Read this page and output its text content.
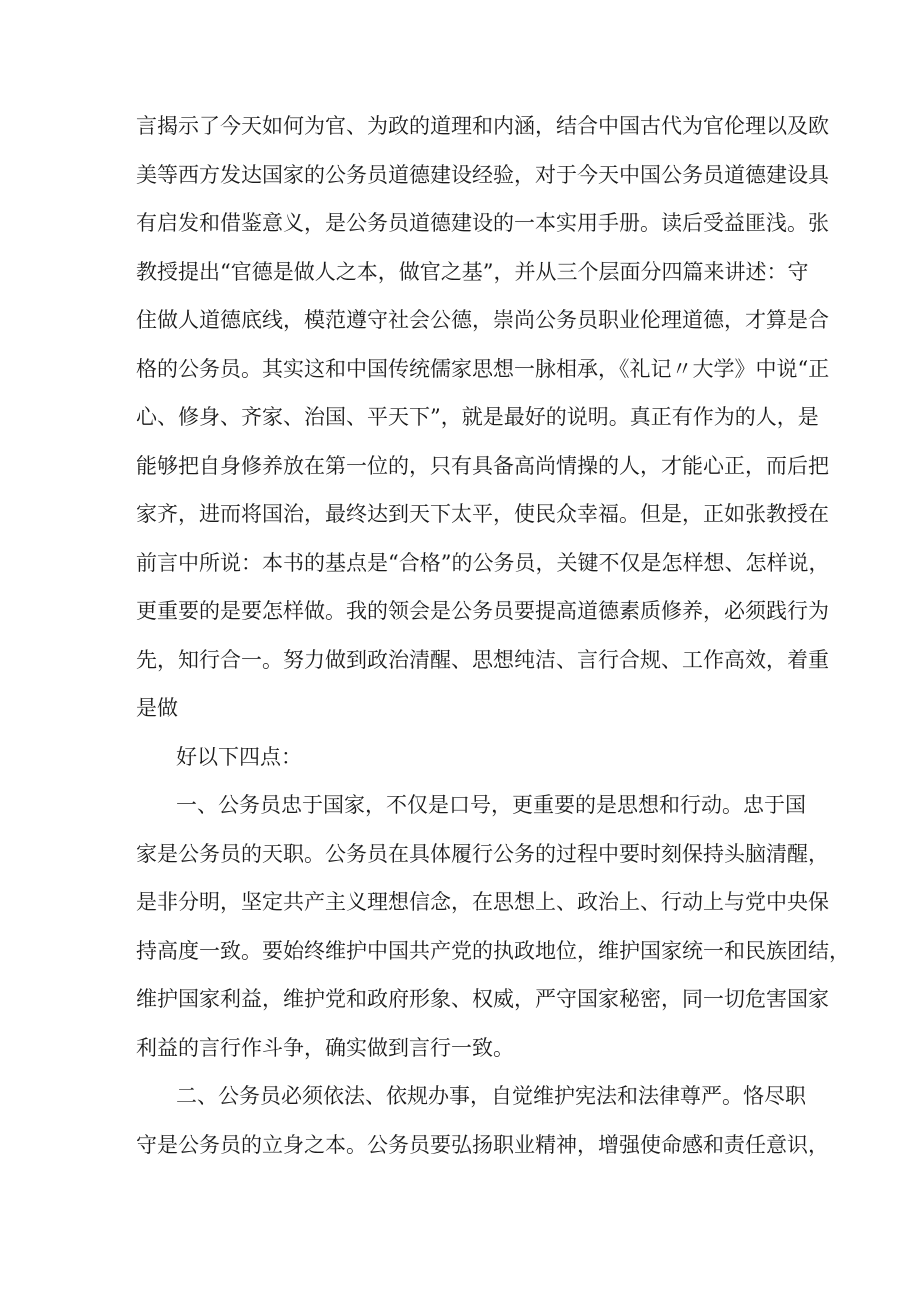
言揭示了今天如何为官、为政的道理和内涵，结合中国古代为官伦理以及欧
美等西方发达国家的公务员道德建设经验，对于今天中国公务员道德建设具
有启发和借鉴意义，是公务员道德建设的一本实用手册。读后受益匪浅。张
教授提出“官德是做人之本，做官之基”，并从三个层面分四篇来讲述：守
住做人道德底线，模范遵守社会公德，崇尚公务员职业伦理道德，才算是合
格的公务员。其实这和中国传统儒家思想一脉相承，《礼记〃大学》中说“正
心、修身、齐家、治国、平天下”，就是最好的说明。真正有作为的人，是
能够把自身修养放在第一位的，只有具备高尚情操的人，才能心正，而后把
家齐，进而将国治，最终达到天下太平，使民众幸福。但是，正如张教授在
前言中所说：本书的基点是“合格”的公务员，关键不仅是怎样想、怎样说，
更重要的是要怎样做。我的领会是公务员要提高道德素质修养，必须践行为
先，知行合一。努力做到政治清醒、思想纯洁、言行合规、工作高效，着重
是做
好以下四点：
一、公务员忠于国家，不仅是口号，更重要的是思想和行动。忠于国
家是公务员的天职。公务员在具体履行公务的过程中要时刻保持头脑清醒，
是非分明，坚定共产主义理想信念，在思想上、政治上、行动上与党中央保
持高度一致。要始终维护中国共产党的执政地位，维护国家统一和民族团结，
维护国家利益，维护党和政府形象、权威，严守国家秘密，同一切危害国家
利益的言行作斗争，确实做到言行一致。
二、公务员必须依法、依规办事，自觉维护宪法和法律尊严。恪尽职
守是公务员的立身之本。公务员要弘扬职业精神，增强使命感和责任意识，
